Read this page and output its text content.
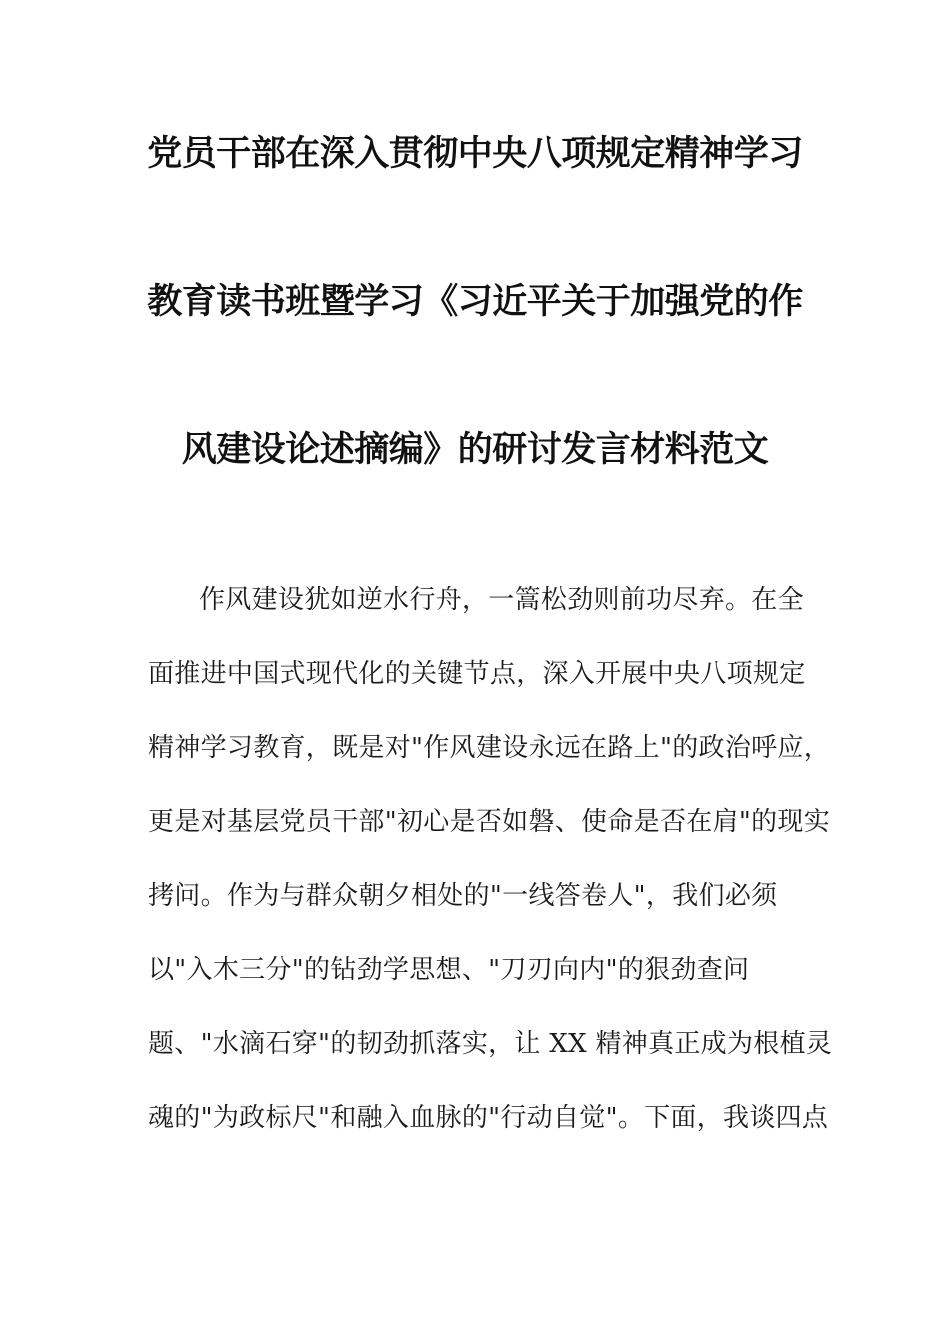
党员干部在深入贯彻中央八项规定精神学习
教育读书班暨学习《习近平关于加强党的作
风建设论述摘编》的研讨发言材料范文
作风建设犹如逆水行舟，一篙松劲则前功尽弃。在全
面推进中国式现代化的关键节点，深入开展中央八项规定
精神学习教育，既是对"作风建设永远在路上"的政治呼应，
更是对基层党员干部"初心是否如磐、使命是否在肩"的现实
拷问。作为与群众朝夕相处的"一线答卷人"，我们必须
以"入木三分"的钻劲学思想、"刀刃向内"的狠劲查问
题、"水滴石穿"的韧劲抓落实，让 XX 精神真正成为根植灵
魂的"为政标尺"和融入血脉的"行动自觉"。下面，我谈四点
